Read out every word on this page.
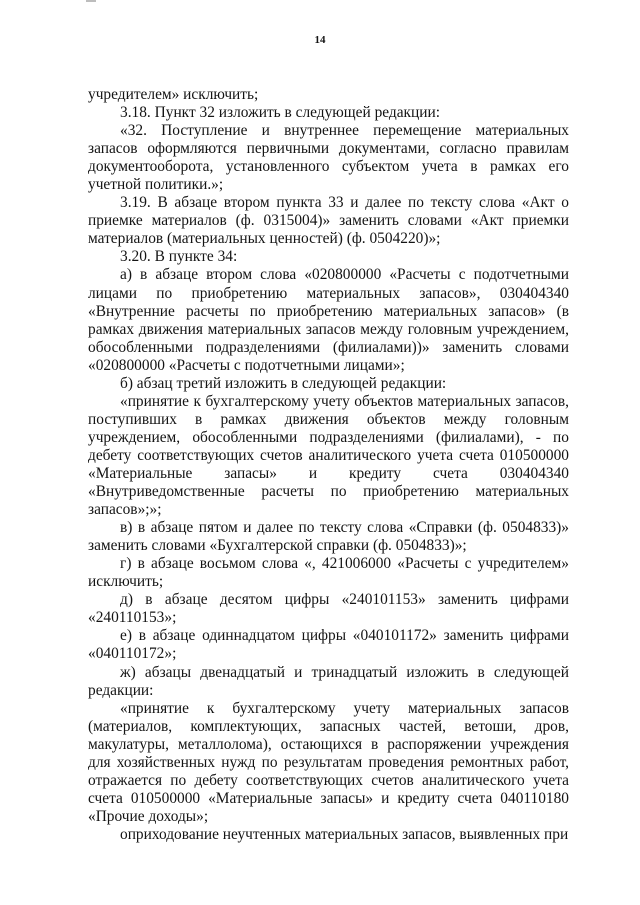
14

учредителем» исключить;

3.18. Пункт 32 изложить в следующей редакции:

«32. Поступление и внутреннее перемещение материальных запасов оформляются первичными документами, согласно правилам документооборота, установленного субъектом учета в рамках его учетной политики.»;

3.19. В абзаце втором пункта 33 и далее по тексту слова «Акт о приемке материалов (ф. 0315004)» заменить словами «Акт приемки материалов (материальных ценностей) (ф. 0504220)»;

3.20. В пункте 34:

а) в абзаце втором слова «020800000 «Расчеты с подотчетными лицами по приобретению материальных запасов», 030404340 «Внутренние расчеты по приобретению материальных запасов» (в рамках движения материальных запасов между головным учреждением, обособленными подразделениями (филиалами))» заменить словами «020800000 «Расчеты с подотчетными лицами»;

б) абзац третий изложить в следующей редакции:

«принятие к бухгалтерскому учету объектов материальных запасов, поступивших в рамках движения объектов между головным учреждением, обособленными подразделениями (филиалами), - по дебету соответствующих счетов аналитического учета счета 010500000 «Материальные запасы» и кредиту счета 030404340 «Внутриведомственные расчеты по приобретению материальных запасов»;»;

в) в абзаце пятом и далее по тексту слова «Справки (ф. 0504833)» заменить словами «Бухгалтерской справки (ф. 0504833)»;

г) в абзаце восьмом слова «, 421006000 «Расчеты с учредителем» исключить;

д) в абзаце десятом цифры «240101153» заменить цифрами «240110153»;

е) в абзаце одиннадцатом цифры «040101172» заменить цифрами «040110172»;

ж) абзацы двенадцатый и тринадцатый изложить в следующей редакции:

«принятие к бухгалтерскому учету материальных запасов (материалов, комплектующих, запасных частей, ветоши, дров, макулатуры, металлолома), остающихся в распоряжении учреждения для хозяйственных нужд по результатам проведения ремонтных работ, отражается по дебету соответствующих счетов аналитического учета счета 010500000 «Материальные запасы» и кредиту счета 040110180 «Прочие доходы»;

оприходование неучтенных материальных запасов, выявленных при
